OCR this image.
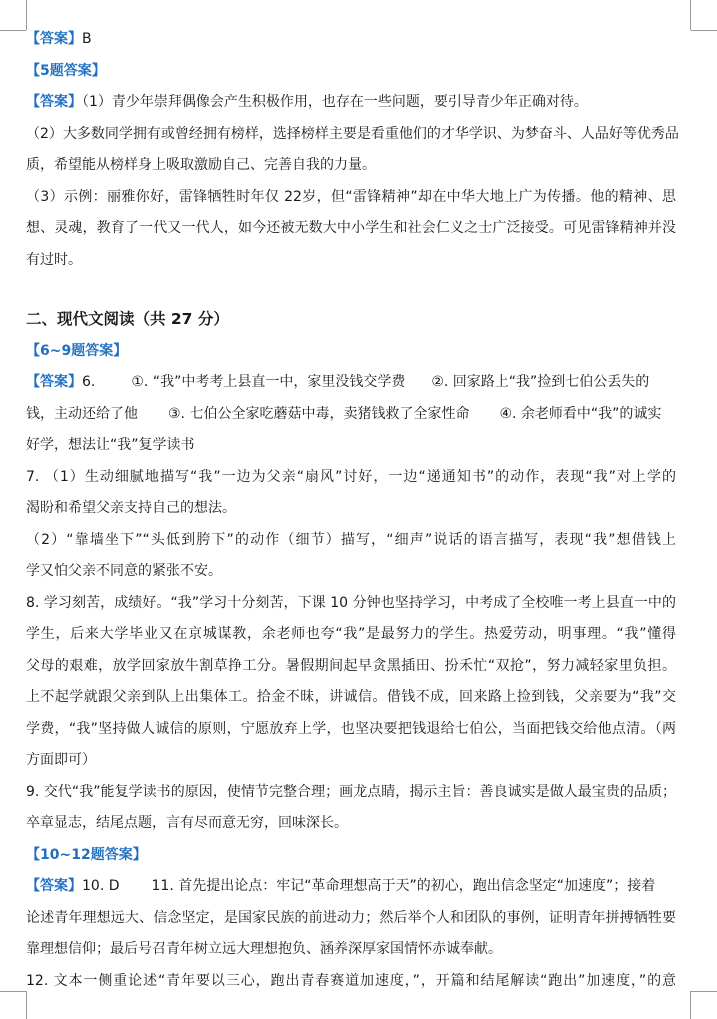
【答案】B
【5题答案】
【答案】（1）青少年崇拜偶像会产生积极作用，也存在一些问题，要引导青少年正确对待。
（2）大多数同学拥有或曾经拥有榜样，选择榜样主要是看重他们的才华学识、为梦奋斗、人品好等优秀品
质，希望能从榜样身上吸取激励自己、完善自我的力量。
（3）示例：丽雅你好，雷锋牺牲时年仅 22岁，但“雷锋精神”却在中华大地上广为传播。他的精神、思
想、灵魂，教育了一代又一代人，如今还被无数大中小学生和社会仁义之士广泛接受。可见雷锋精神并没
有过时。
二、现代文阅读（共 27 分）
【6~9题答案】
【答案】6.	①. “我”中考考上县直一中，家里没钱交学费 ②. 回家路上“我”捡到七伯公丢失的
钱，主动还给了他 ③. 七伯公全家吃蘑菇中毒，卖猪钱救了全家性命 ④. 余老师看中“我”的诚实
好学，想法让“我”复学读书
7. （1）生动细腻地描写“我”一边为父亲“扇风”讨好，一边“递通知书”的动作，表现“我”对上学的
渴盼和希望父亲支持自己的想法。
（2）“靠墙坐下”“头低到胯下”的动作（细节）描写，“细声”说话的语言描写，表现“我”想借钱上
学又怕父亲不同意的紧张不安。
8. 学习刻苦，成绩好。“我”学习十分刻苦，下课 10 分钟也坚持学习，中考成了全校唯一考上县直一中的
学生，后来大学毕业又在京城谋教，余老师也夸“我”是最努力的学生。热爱劳动，明事理。“我”懂得
父母的艰难，放学回家放牛割草挣工分。暑假期间起早贪黑插田、扮禾忙“双抢”，努力减轻家里负担。
上不起学就跟父亲到队上出集体工。拾金不昧，讲诚信。借钱不成，回来路上捡到钱，父亲要为“我”交
学费，“我”坚持做人诚信的原则，宁愿放弃上学，也坚决要把钱退给七伯公，当面把钱交给他点清。（两
方面即可）
9. 交代“我”能复学读书的原因，使情节完整合理；画龙点睛，揭示主旨：善良诚实是做人最宝贵的品质；
卒章显志，结尾点题，言有尽而意无穷，回味深长。
【10~12题答案】
【答案】10. D 11. 首先提出论点：牢记“革命理想高于天”的初心，跑出信念坚定“加速度”；接着
论述青年理想远大、信念坚定，是国家民族的前进动力；然后举个人和团队的事例，证明青年拼搏牺牲要
靠理想信仰；最后号召青年树立远大理想抱负、涵养深厚家国情怀赤诚奉献。
12. 文本一侧重论述“青年要以三心，跑出青春赛道加速度，”，开篇和结尾解读“跑出”加速度，”的意
